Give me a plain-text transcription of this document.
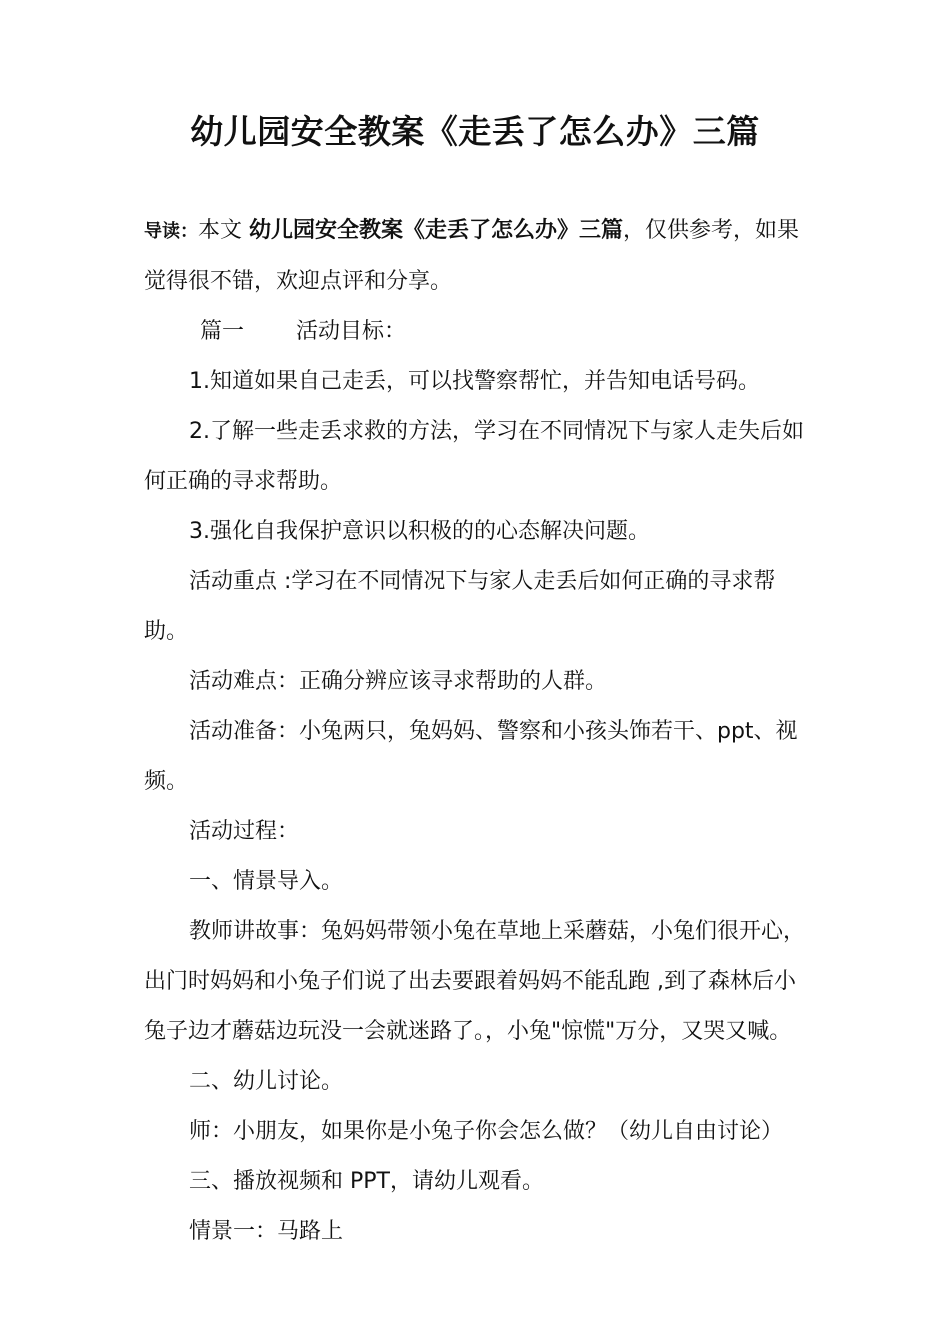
幼儿园安全教案《走丢了怎么办》三篇

导读：本文 幼儿园安全教案《走丢了怎么办》三篇，仅供参考，如果觉得很不错，欢迎点评和分享。

篇一 活动目标：

1.知道如果自己走丢，可以找警察帮忙，并告知电话号码。

2.了解一些走丢求救的方法，学习在不同情况下与家人走失后如何正确的寻求帮助。

3.强化自我保护意识以积极的的心态解决问题。

活动重点 :学习在不同情况下与家人走丢后如何正确的寻求帮助。

活动难点：正确分辨应该寻求帮助的人群。

活动准备：小兔两只，兔妈妈、警察和小孩头饰若干、ppt、视频。

活动过程：

一、情景导入。

教师讲故事：兔妈妈带领小兔在草地上采蘑菇，小兔们很开心，出门时妈妈和小兔子们说了出去要跟着妈妈不能乱跑 ,到了森林后小兔子边才蘑菇边玩没一会就迷路了。，小兔"惊慌"万分，又哭又喊。

二、幼儿讨论。

师：小朋友，如果你是小兔子你会怎么做？（幼儿自由讨论）

三、播放视频和 PPT，请幼儿观看。

情景一：马路上
